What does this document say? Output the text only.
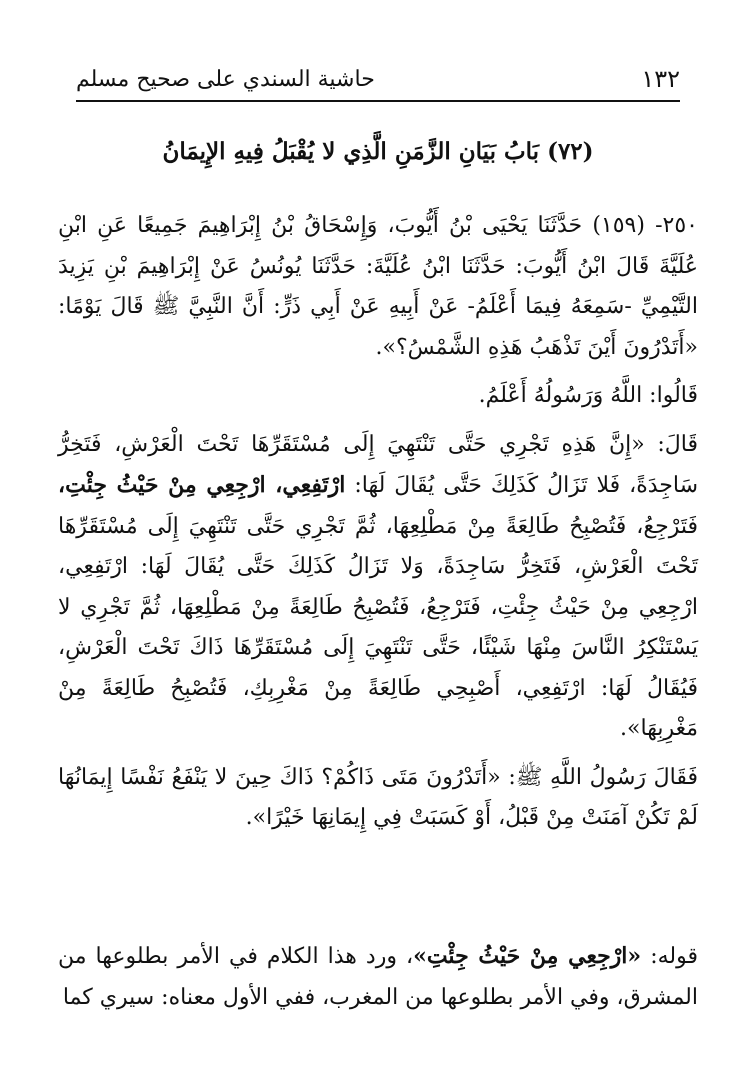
١٣٢
حاشية السندي على صحيح مسلم
(٧٢) بَابُ بَيَانِ الزَّمَنِ الَّذِي لا يُقْبَلُ فِيهِ الإِيمَانُ

٢٥٠- (١٥٩) حَدَّثَنَا يَحْيَى بْنُ أَيُّوبَ، وَإِسْحَاقُ بْنُ إِبْرَاهِيمَ جَمِيعًا عَنِ ابْنِ عُلَيَّةَ قَالَ ابْنُ أَيُّوبَ: حَدَّثَنَا ابْنُ عُلَيَّةَ: حَدَّثَنَا يُونُسُ عَنْ إِبْرَاهِيمَ بْنِ يَزِيدَ التَّيْمِيِّ -سَمِعَهُ فِيمَا أَعْلَمُ- عَنْ أَبِيهِ عَنْ أَبِي ذَرٍّ: أَنَّ النَّبِيَّ ﷺ قَالَ يَوْمًا: «أَتَدْرُونَ أَيْنَ تَذْهَبُ هَذِهِ الشَّمْسُ؟».

قَالُوا: اللَّهُ وَرَسُولُهُ أَعْلَمُ.

قَالَ: «إِنَّ هَذِهِ تَجْرِي حَتَّى تَنْتَهِيَ إِلَى مُسْتَقَرِّهَا تَحْتَ الْعَرْشِ، فَتَخِرُّ سَاجِدَةً، فَلا تَزَالُ كَذَلِكَ حَتَّى يُقَالَ لَهَا: ارْتَفِعِي، ارْجِعِي مِنْ حَيْثُ جِئْتِ، فَتَرْجِعُ، فَتُصْبِحُ طَالِعَةً مِنْ مَطْلِعِهَا، ثُمَّ تَجْرِي حَتَّى تَنْتَهِيَ إِلَى مُسْتَقَرِّهَا تَحْتَ الْعَرْشِ، فَتَخِرُّ سَاجِدَةً، وَلا تَزَالُ كَذَلِكَ حَتَّى يُقَالَ لَهَا: ارْتَفِعِي، ارْجِعِي مِنْ حَيْثُ جِئْتِ، فَتَرْجِعُ، فَتُصْبِحُ طَالِعَةً مِنْ مَطْلِعِهَا، ثُمَّ تَجْرِي لا يَسْتَنْكِرُ النَّاسَ مِنْهَا شَيْئًا، حَتَّى تَنْتَهِيَ إِلَى مُسْتَقَرِّهَا ذَاكَ تَحْتَ الْعَرْشِ، فَيُقَالُ لَهَا: ارْتَفِعِي، أَصْبِحِي طَالِعَةً مِنْ مَغْرِبِكِ، فَتُصْبِحُ طَالِعَةً مِنْ مَغْرِبِهَا».

فَقَالَ رَسُولُ اللَّهِ ﷺ: «أَتَدْرُونَ مَتَى ذَاكُمْ؟ ذَاكَ حِينَ لا يَنْفَعُ نَفْسًا إِيمَانُهَا لَمْ تَكُنْ آمَنَتْ مِنْ قَبْلُ، أَوْ كَسَبَتْ فِي إِيمَانِهَا خَيْرًا».

قوله: «ارْجِعِي مِنْ حَيْثُ جِئْتِ»، ورد هذا الكلام في الأمر بطلوعها من المشرق، وفي الأمر بطلوعها من المغرب، ففي الأول معناه: سيري كما
